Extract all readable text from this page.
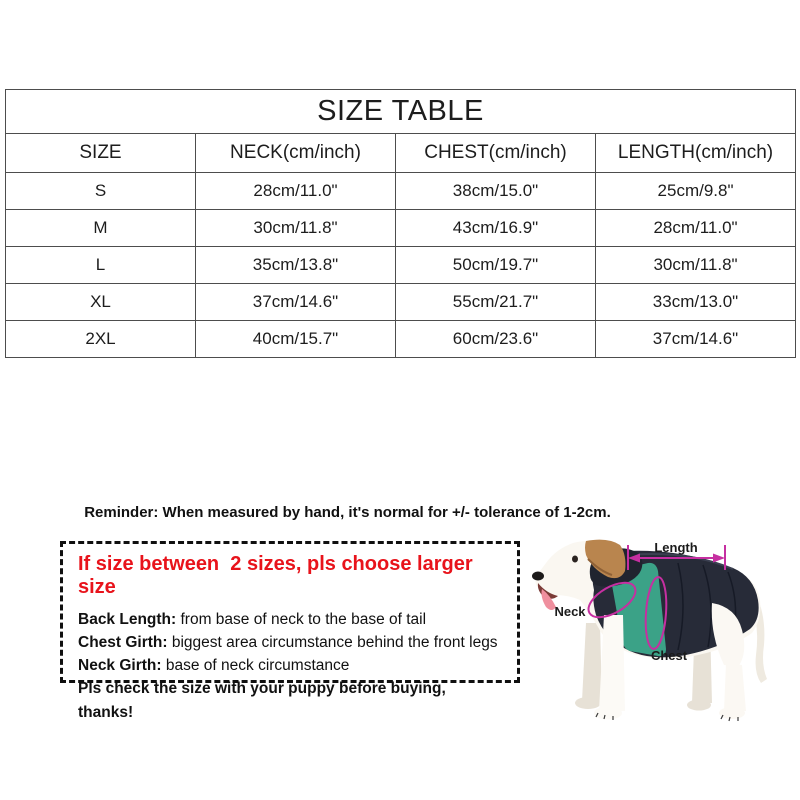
SIZE TABLE			
SIZE	NECK(cm/inch)	CHEST(cm/inch)	LENGTH(cm/inch)
S	28cm/11.0"	38cm/15.0"	25cm/9.8"
M	30cm/11.8"	43cm/16.9"	28cm/11.0"
L	35cm/13.8"	50cm/19.7"	30cm/11.8"
XL	37cm/14.6"	55cm/21.7"	33cm/13.0"
2XL	40cm/15.7"	60cm/23.6"	37cm/14.6"
Reminder: When measured by hand, it's normal for +/- tolerance of 1-2cm.
If size between  2 sizes, pls choose larger size
Back Length: from base of neck to the base of tail
Chest Girth: biggest area circumstance behind the front legs
Neck Girth: base of neck circumstance
Pls check the size with your puppy before buying, thanks!
Length
Neck
Chest
